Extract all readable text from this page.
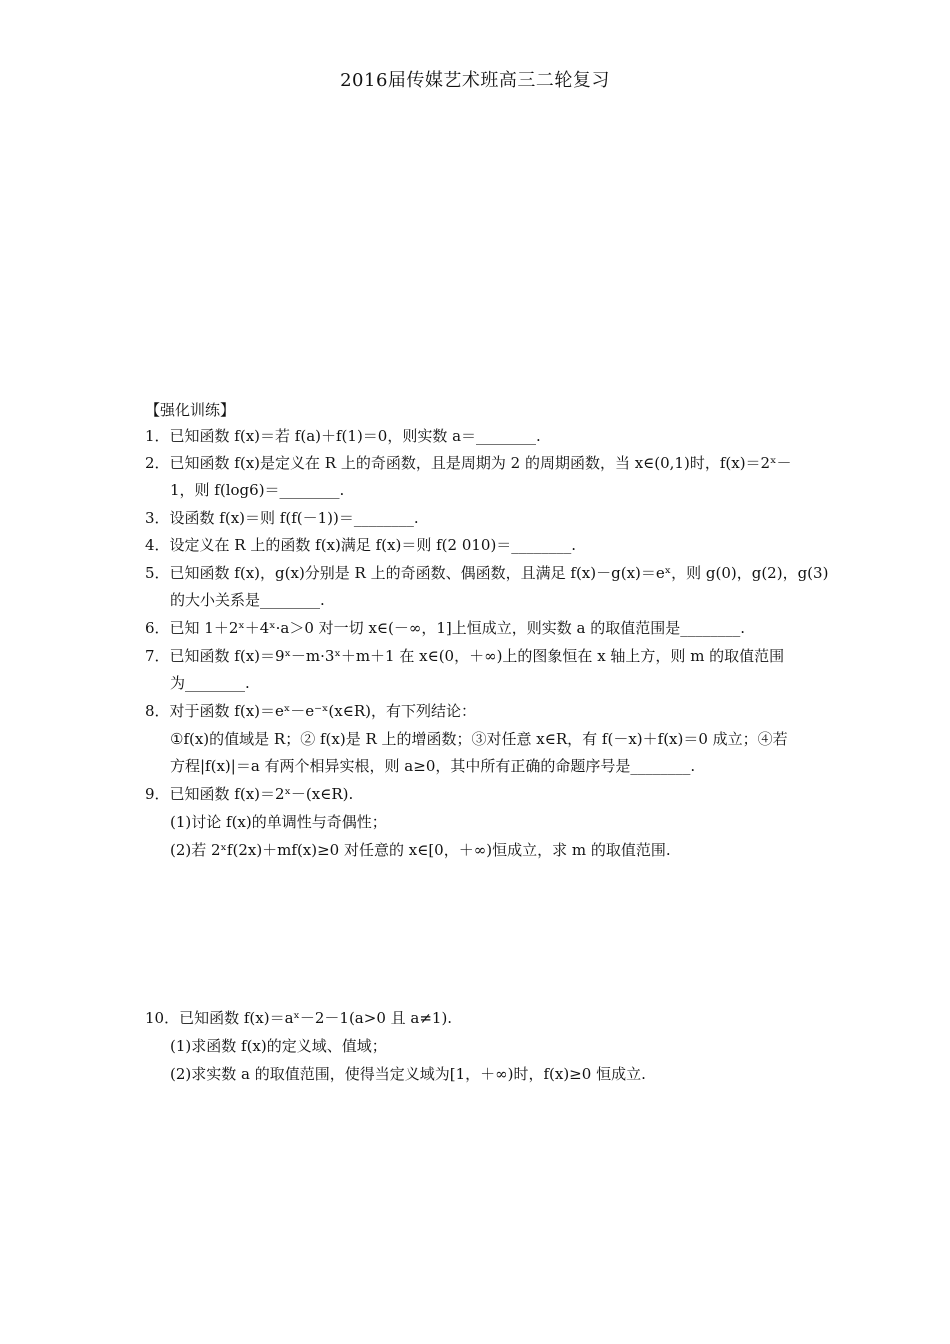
2016届传媒艺术班高三二轮复习
【强化训练】
1．已知函数 f(x)＝若 f(a)＋f(1)＝0，则实数 a＝________.
2．已知函数 f(x)是定义在 R 上的奇函数，且是周期为 2 的周期函数，当 x∈(0,1)时，f(x)＝2ˣ－
1，则 f(log6)＝________.
3．设函数 f(x)＝则 f(f(－1))＝________.
4．设定义在 R 上的函数 f(x)满足 f(x)＝则 f(2 010)＝________.
5．已知函数 f(x)，g(x)分别是 R 上的奇函数、偶函数，且满足 f(x)－g(x)＝eˣ，则 g(0)，g(2)，g(3)
的大小关系是________.
6．已知 1＋2ˣ＋4ˣ·a＞0 对一切 x∈(－∞，1]上恒成立，则实数 a 的取值范围是________.
7．已知函数 f(x)＝9ˣ－m·3ˣ＋m＋1 在 x∈(0，＋∞)上的图象恒在 x 轴上方，则 m 的取值范围
为________.
8．对于函数 f(x)＝eˣ－e⁻ˣ(x∈R)，有下列结论：
①f(x)的值域是 R；② f(x)是 R 上的增函数；③对任意 x∈R，有 f(－x)＋f(x)＝0 成立；④若
方程|f(x)|＝a 有两个相异实根，则 a≥0，其中所有正确的命题序号是________.
9．已知函数 f(x)＝2ˣ－(x∈R).
(1)讨论 f(x)的单调性与奇偶性；
(2)若 2ˣf(2x)＋mf(x)≥0 对任意的 x∈[0，＋∞)恒成立，求 m 的取值范围.
10．已知函数 f(x)＝aˣ－2－1(a>0 且 a≠1).
(1)求函数 f(x)的定义域、值域；
(2)求实数 a 的取值范围，使得当定义域为[1，＋∞)时，f(x)≥0 恒成立.
